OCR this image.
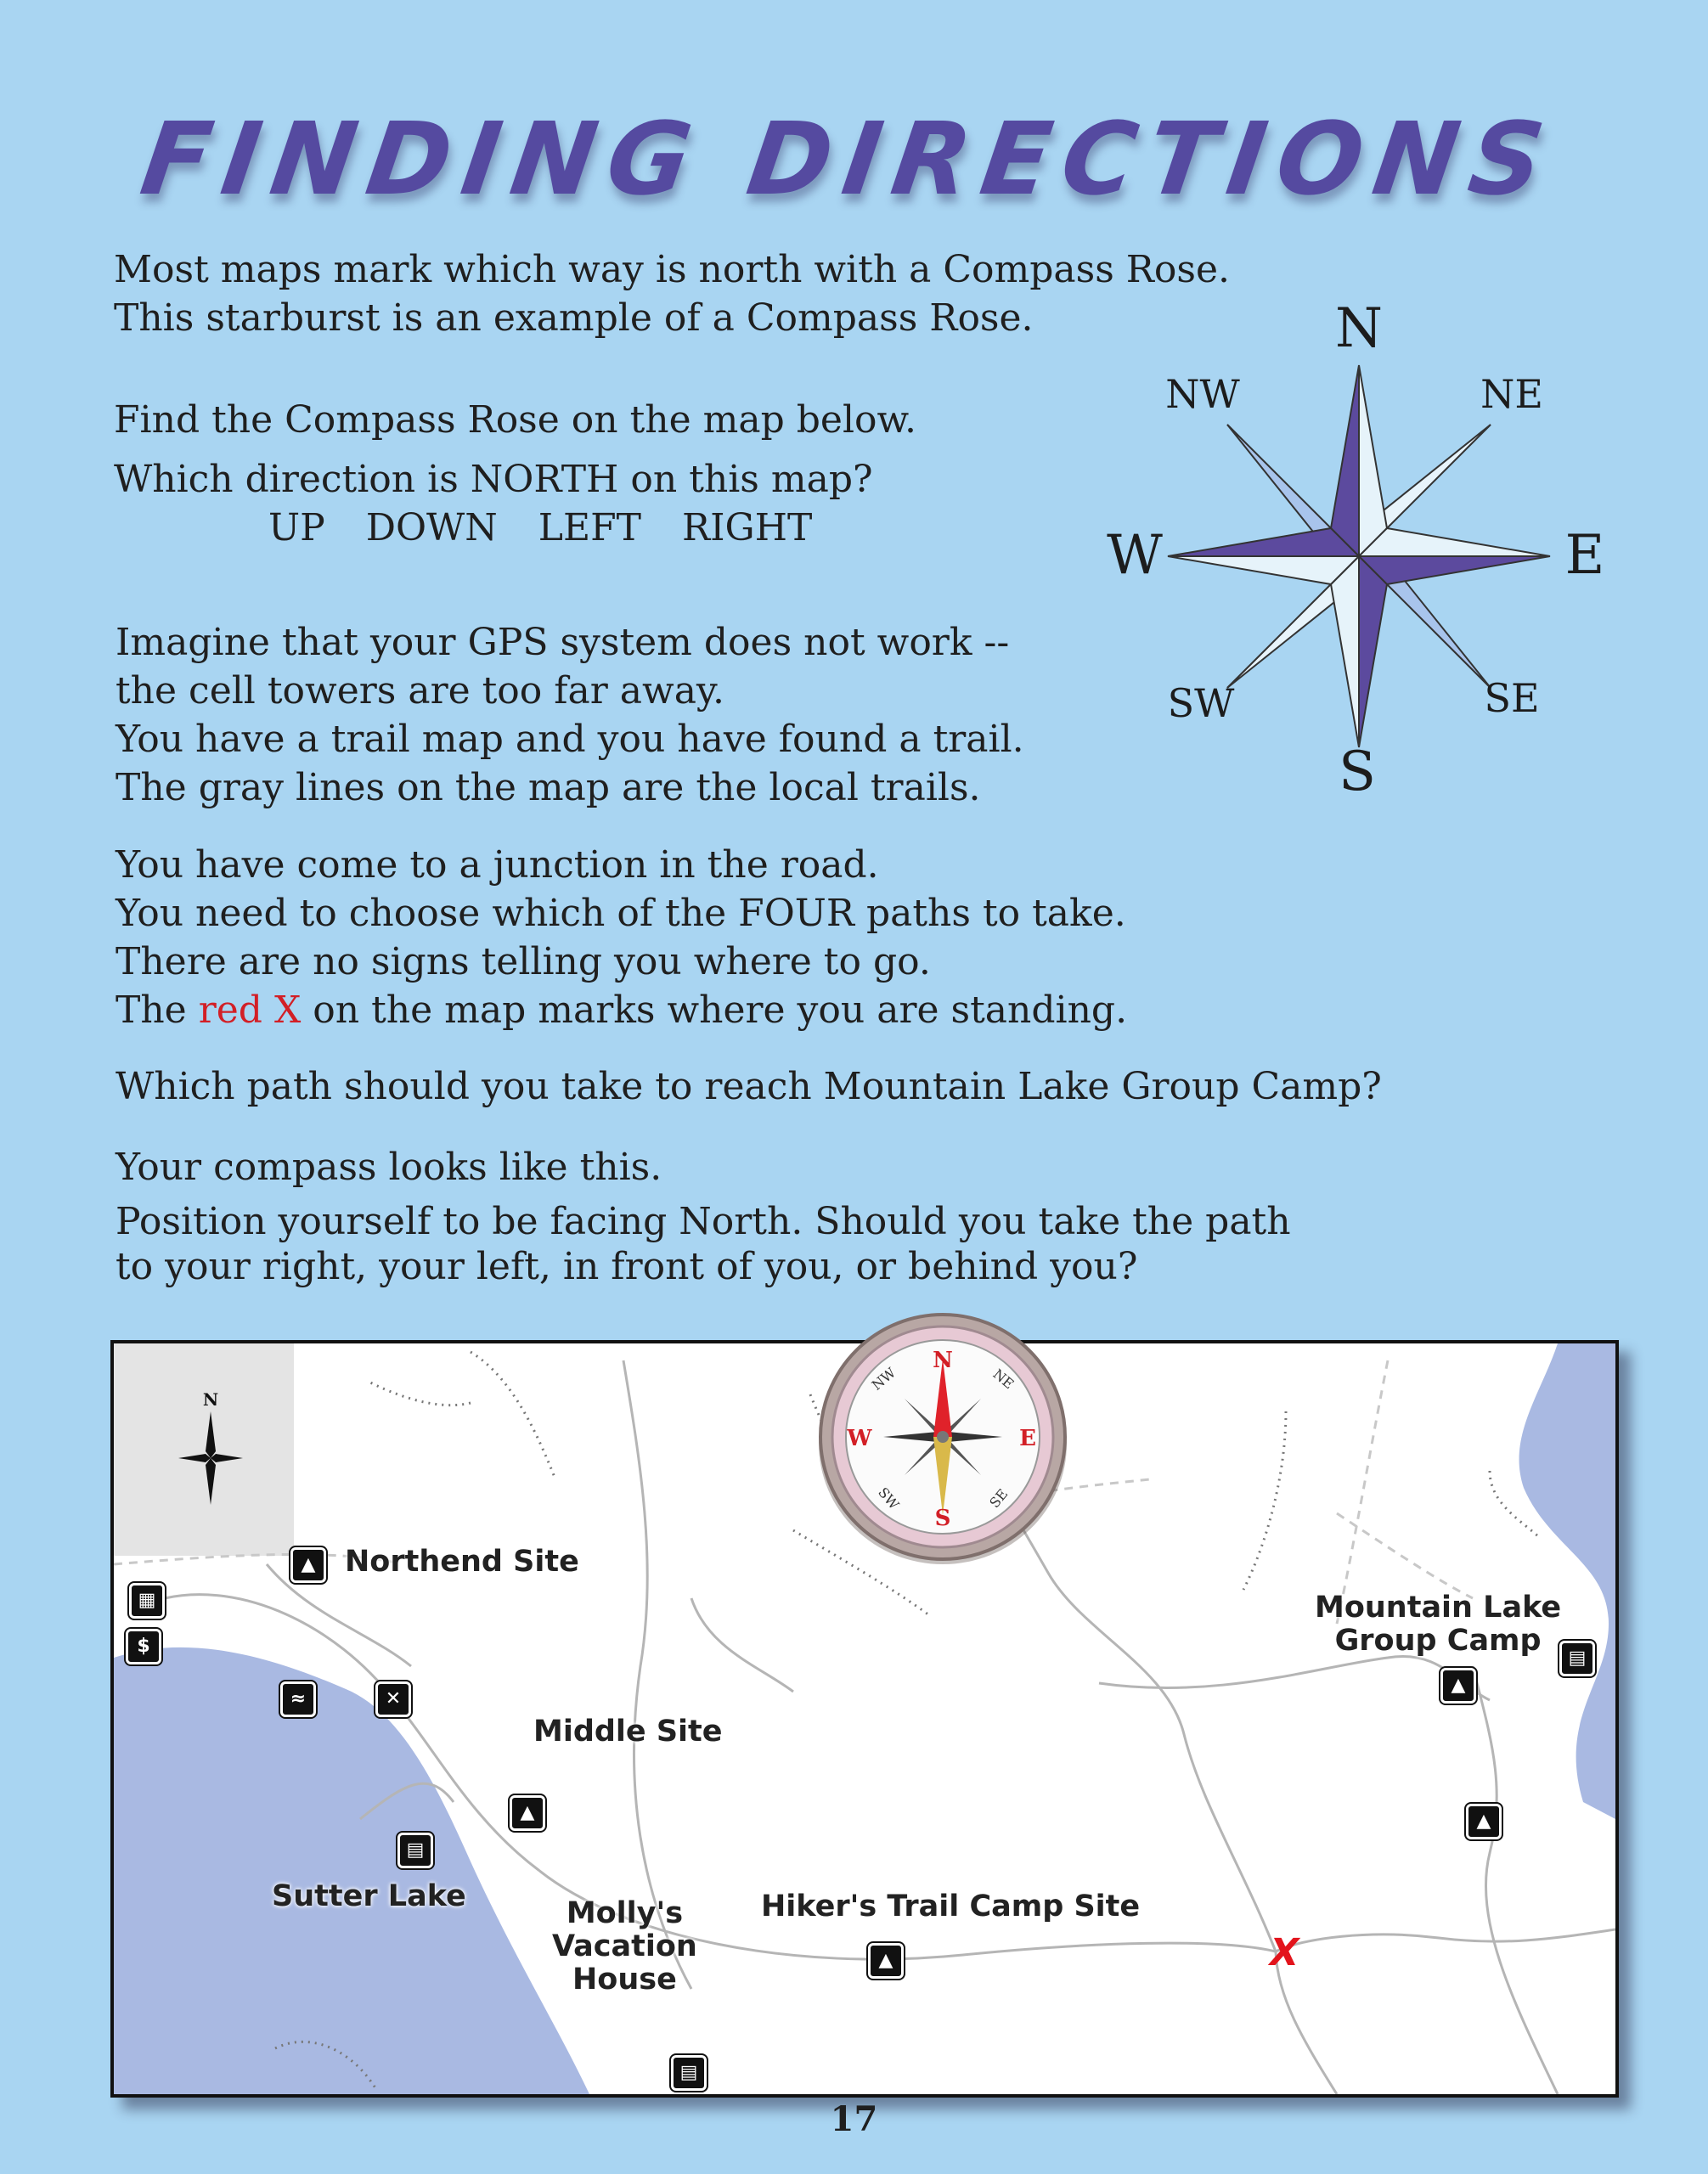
FINDING DIRECTIONS
Most maps mark which way is north with a Compass Rose.
This starburst is an example of a Compass Rose.
Find the Compass Rose on the map below.
Which direction is NORTH on this map?
UP DOWN LEFT RIGHT
Imagine that your GPS system does not work --
the cell towers are too far away.
You have a trail map and you have found a trail.
The gray lines on the map are the local trails.
You have come to a junction in the road.
You need to choose which of the FOUR paths to take.
There are no signs telling you where to go.
The red X on the map marks where you are standing.
Which path should you take to reach Mountain Lake Group Camp?
Your compass looks like this.
Position yourself to be facing North. Should you take the path
to your right, your left, in front of you, or behind you?
N
NE
E
SE
S
SW
W
NW
N
Northend Site
Middle Site
Sutter Lake	Molly's
Vacation
House
Hiker's Trail Camp Site
Mountain Lake
Group Camp
▲
▦
$
≈	✕
▲
▤
▲
▤
▲
▤
▲
X
N
S
E
W
NE
SE
SW
NW
17
